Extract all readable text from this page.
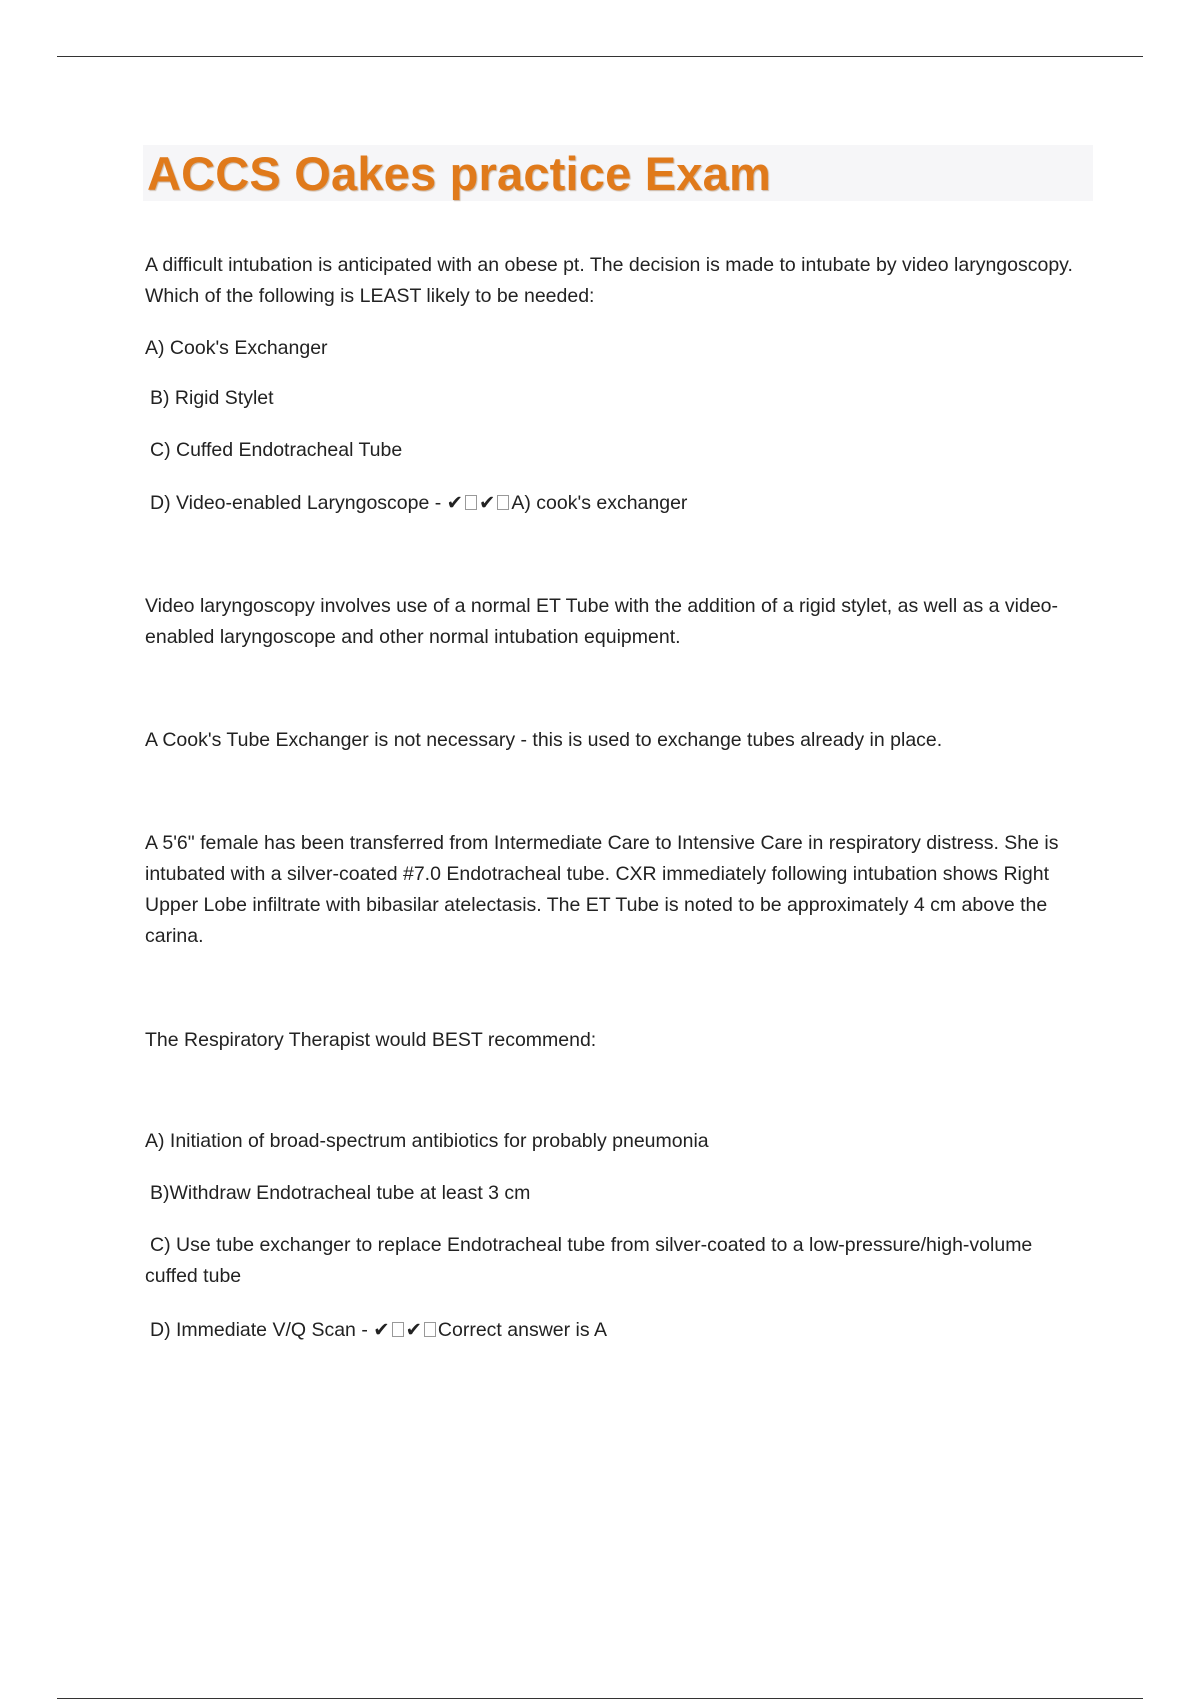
ACCS Oakes practice Exam

A difficult intubation is anticipated with an obese pt. The decision is made to intubate by video laryngoscopy. Which of the following is LEAST likely to be needed:

A) Cook's Exchanger

B) Rigid Stylet

C) Cuffed Endotracheal Tube

D) Video-enabled Laryngoscope - ✔ ✔ A) cook's exchanger

Video laryngoscopy involves use of a normal ET Tube with the addition of a rigid stylet, as well as a video-enabled laryngoscope and other normal intubation equipment.

A Cook's Tube Exchanger is not necessary - this is used to exchange tubes already in place.

A 5'6" female has been transferred from Intermediate Care to Intensive Care in respiratory distress. She is intubated with a silver-coated #7.0 Endotracheal tube. CXR immediately following intubation shows Right Upper Lobe infiltrate with bibasilar atelectasis. The ET Tube is noted to be approximately 4 cm above the carina.

The Respiratory Therapist would BEST recommend:

A) Initiation of broad-spectrum antibiotics for probably pneumonia

B)Withdraw Endotracheal tube at least 3 cm

C) Use tube exchanger to replace Endotracheal tube from silver-coated to a low-pressure/high-volume cuffed tube

D) Immediate V/Q Scan - ✔ ✔ Correct answer is A
